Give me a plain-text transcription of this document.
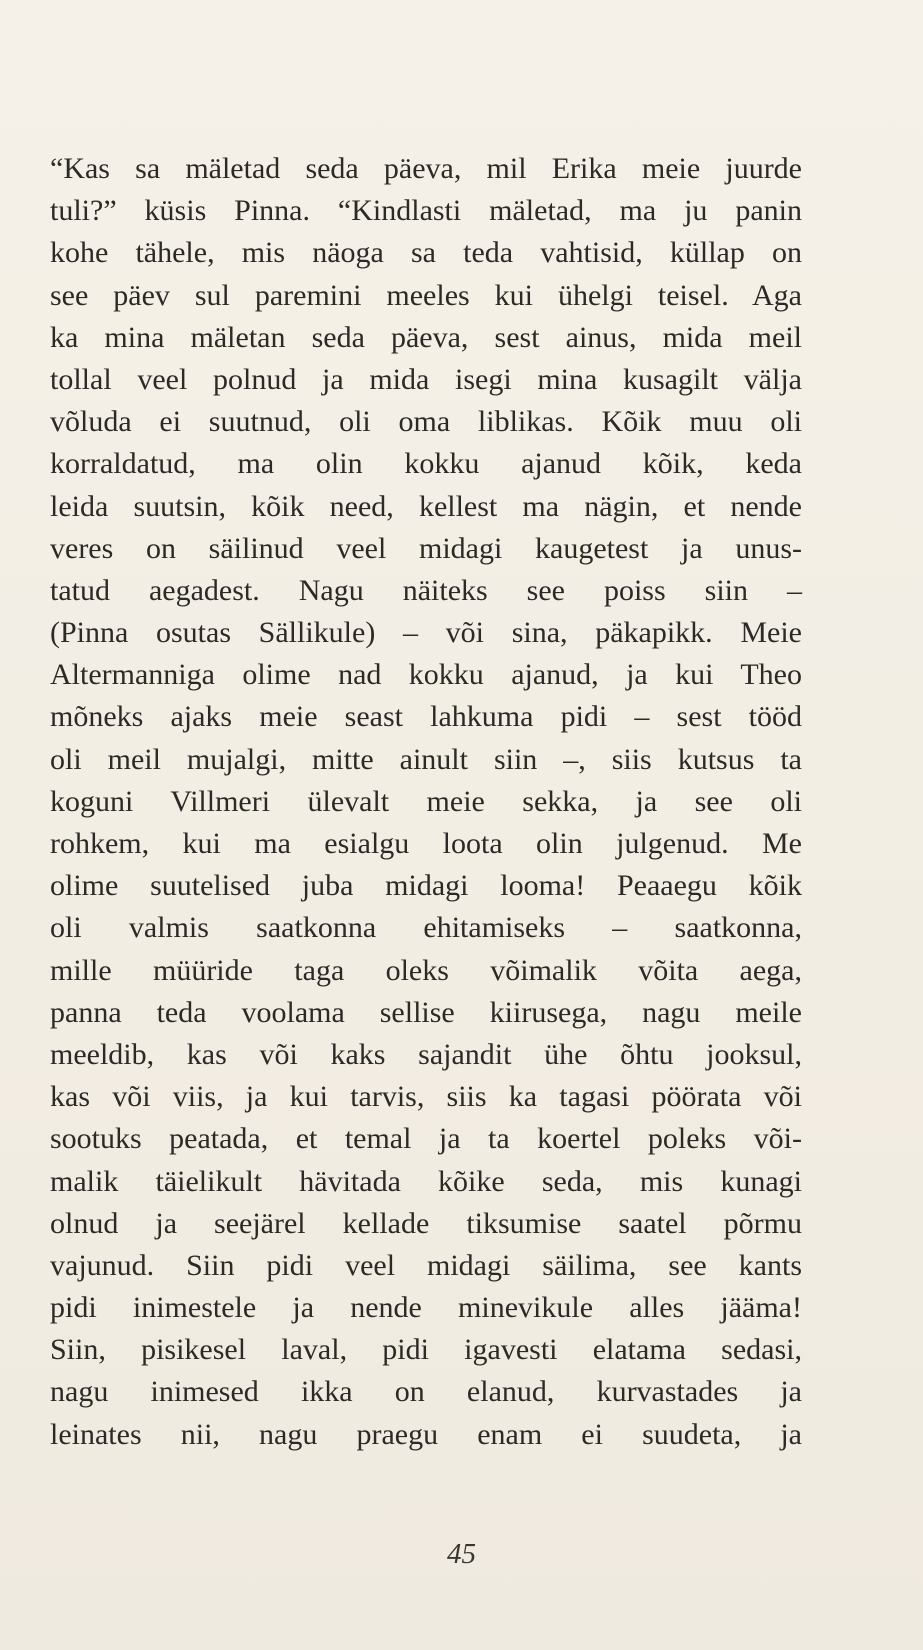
“Kas sa mäletad seda päeva, mil Erika meie juurde
tuli?” küsis Pinna. “Kindlasti mäletad, ma ju panin
kohe tähele, mis näoga sa teda vahtisid, küllap on
see päev sul paremini meeles kui ühelgi teisel. Aga
ka mina mäletan seda päeva, sest ainus, mida meil
tollal veel polnud ja mida isegi mina kusagilt välja
võluda ei suutnud, oli oma liblikas. Kõik muu oli
korraldatud, ma olin kokku ajanud kõik, keda
leida suutsin, kõik need, kellest ma nägin, et nende
veres on säilinud veel midagi kaugetest ja unus-
tatud aegadest. Nagu näiteks see poiss siin –
(Pinna osutas Sällikule) – või sina, päkapikk. Meie
Altermanniga olime nad kokku ajanud, ja kui Theo
mõneks ajaks meie seast lahkuma pidi – sest tööd
oli meil mujalgi, mitte ainult siin –, siis kutsus ta
koguni Villmeri ülevalt meie sekka, ja see oli
rohkem, kui ma esialgu loota olin julgenud. Me
olime suutelised juba midagi looma! Peaaegu kõik
oli valmis saatkonna ehitamiseks – saatkonna,
mille müüride taga oleks võimalik võita aega,
panna teda voolama sellise kiirusega, nagu meile
meeldib, kas või kaks sajandit ühe õhtu jooksul,
kas või viis, ja kui tarvis, siis ka tagasi pöörata või
sootuks peatada, et temal ja ta koertel poleks või-
malik täielikult hävitada kõike seda, mis kunagi
olnud ja seejärel kellade tiksumise saatel põrmu
vajunud. Siin pidi veel midagi säilima, see kants
pidi inimestele ja nende minevikule alles jääma!
Siin, pisikesel laval, pidi igavesti elatama sedasi,
nagu inimesed ikka on elanud, kurvastades ja
leinates nii, nagu praegu enam ei suudeta, ja
45
